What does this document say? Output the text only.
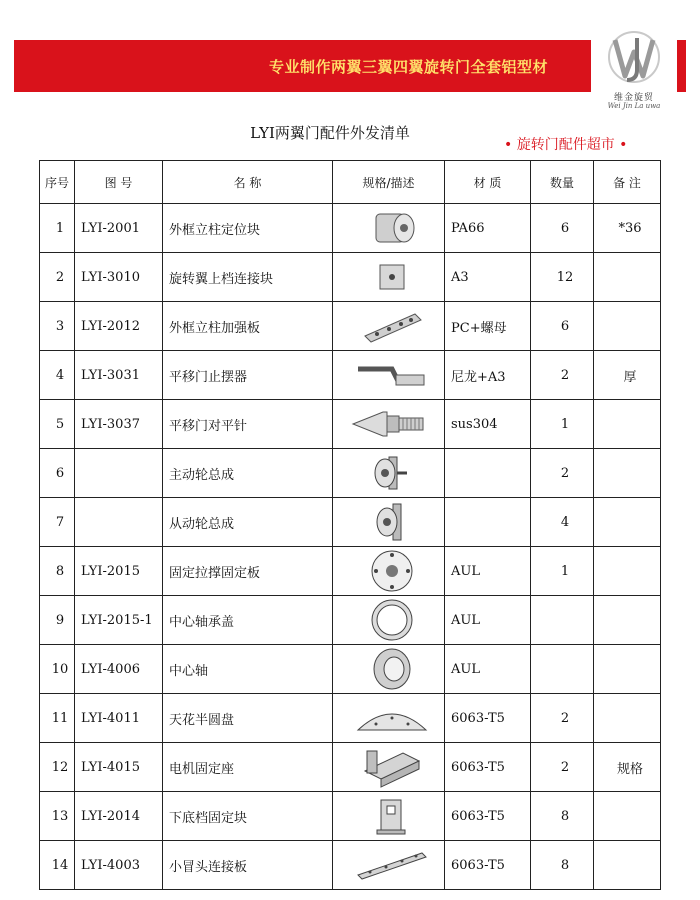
专业制作两翼三翼四翼旋转门全套铝型材
维金旋贸
Wei Jin La uwa
LYI两翼门配件外发清单
• 旋转门配件超市 •
序号	图 号	名 称	规格/描述	材 质	数量	备 注
1	LYI-2001	外框立柱定位块		PA66	6	*36
2	LYI-3010	旋转翼上档连接块		A3	12	
3	LYI-2012	外框立柱加强板		PC+螺母	6	
4	LYI-3031	平移门止摆器		尼龙+A3	2	厚
5	LYI-3037	平移门对平针		sus304	1	
6		主动轮总成			2	
7		从动轮总成			4	
8	LYI-2015	固定拉撑固定板		AUL	1	
9	LYI-2015-1	中心轴承盖		AUL		
10	LYI-4006	中心轴		AUL		
11	LYI-4011	天花半圆盘		6063-T5	2	
12	LYI-4015	电机固定座		6063-T5	2	规格
13	LYI-2014	下底档固定块		6063-T5	8	
14	LYI-4003	小冒头连接板		6063-T5	8	
